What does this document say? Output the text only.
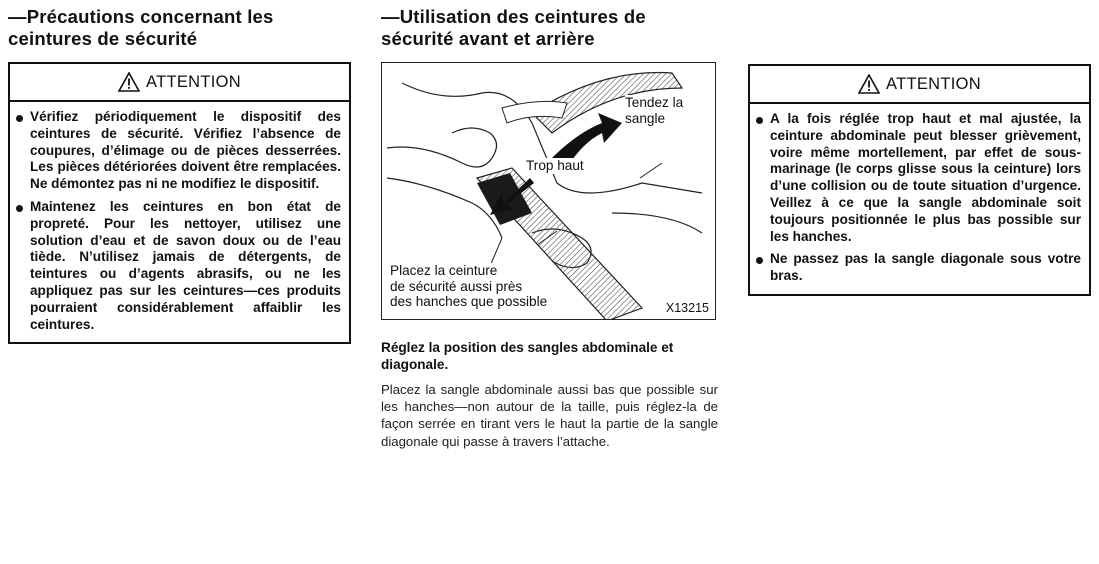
—Précautions concernant les
ceintures de sécurité
ATTENTION
Vérifiez périodiquement le dispositif des ceintures de sécurité. Vérifiez l’absence de coupures, d’élimage ou de pièces desserrées. Les pièces détériorées doivent être remplacées. Ne démontez pas ni ne modifiez le dispositif.
Maintenez les ceintures en bon état de propreté. Pour les nettoyer, utilisez une solution d’eau et de savon doux ou de l’eau tiède. N’utilisez jamais de détergents, de teintures ou d’agents abrasifs, ou ne les appliquez pas sur les ceintures—ces produits pourraient considérablement affaiblir les ceintures.
—Utilisation des ceintures de
sécurité avant et arrière
Tendez la
sangle
Trop haut
Placez la ceinture
de sécurité aussi près
des hanches que possible	X13215
Réglez la position des sangles abdominale et diagonale.
Placez la sangle abdominale aussi bas que possible sur les hanches—non autour de la taille, puis réglez-la de façon serrée en tirant vers le haut la partie de la sangle diagonale qui passe à travers l’attache.
ATTENTION
A la fois réglée trop haut et mal ajustée, la ceinture abdominale peut blesser grièvement, voire même mortellement, par effet de sous-marinage (le corps glisse sous la ceinture) lors d’une collision ou de toute situation d’urgence. Veillez à ce que la sangle abdominale soit toujours positionnée le plus bas possible sur les hanches.
Ne passez pas la sangle diagonale sous votre bras.
